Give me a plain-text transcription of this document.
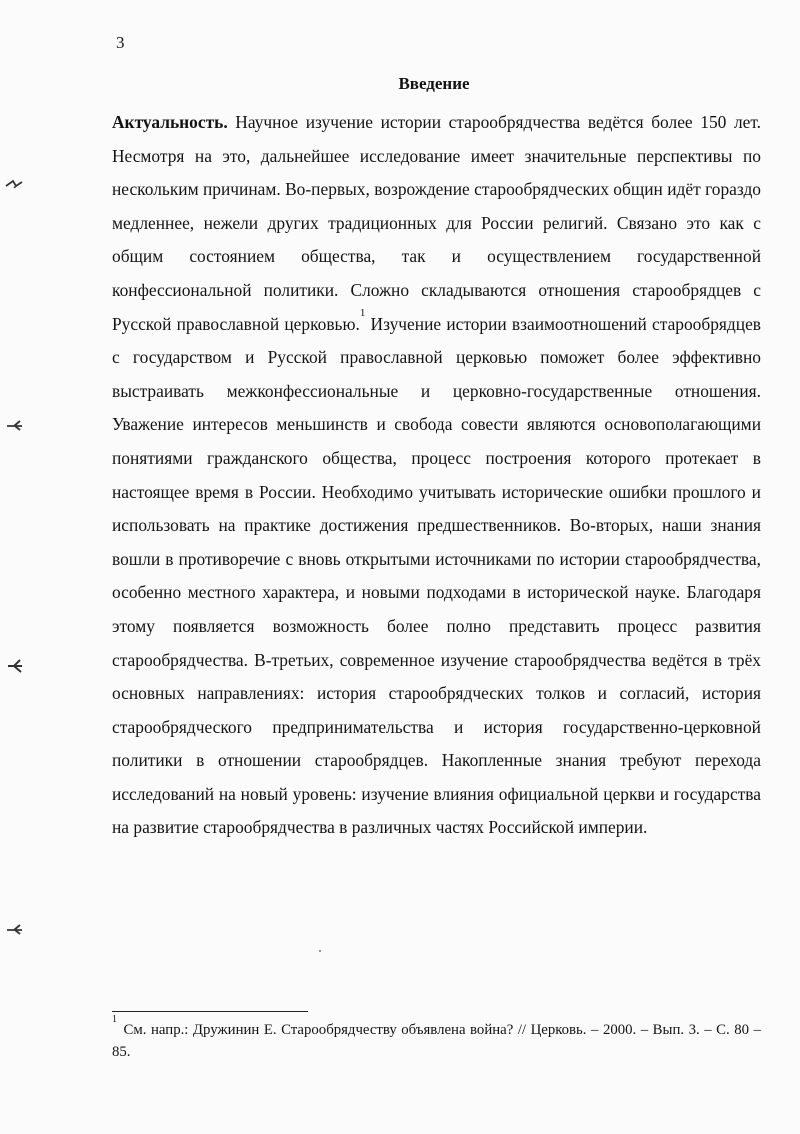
3
Введение

Актуальность. Научное изучение истории старообрядчества ведётся более 150 лет. Несмотря на это, дальнейшее исследование имеет значительные перспективы по нескольким причинам. Во-первых, возрождение старообрядческих общин идёт гораздо медленнее, нежели других традиционных для России религий. Связано это как с общим состоянием общества, так и осуществлением государственной конфессиональной политики. Сложно складываются отношения старообрядцев с Русской православной церковью.$^1$ Изучение истории взаимоотношений старообрядцев с государством и Русской православной церковью поможет более эффективно выстраивать межконфессиональные и церковно-государственные отношения. Уважение интересов меньшинств и свобода совести являются основополагающими понятиями гражданского общества, процесс построения которого протекает в настоящее время в России. Необходимо учитывать исторические ошибки прошлого и использовать на практике достижения предшественников. Во-вторых, наши знания вошли в противоречие с вновь открытыми источниками по истории старообрядчества, особенно местного характера, и новыми подходами в исторической науке. Благодаря этому появляется возможность более полно представить процесс развития старообрядчества. В-третьих, современное изучение старообрядчества ведётся в трёх основных направлениях: история старообрядческих толков и согласий, история старообрядческого предпринимательства и история государственно-церковной политики в отношении старообрядцев. Накопленные знания требуют перехода исследований на новый уровень: изучение влияния официальной церкви и государства на развитие старообрядчества в различных частях Российской империи.

$^1$ См. напр.: Дружинин Е. Старообрядчеству объявлена война? // Церковь. – 2000. – Вып. 3. – С. 80 – 85.
